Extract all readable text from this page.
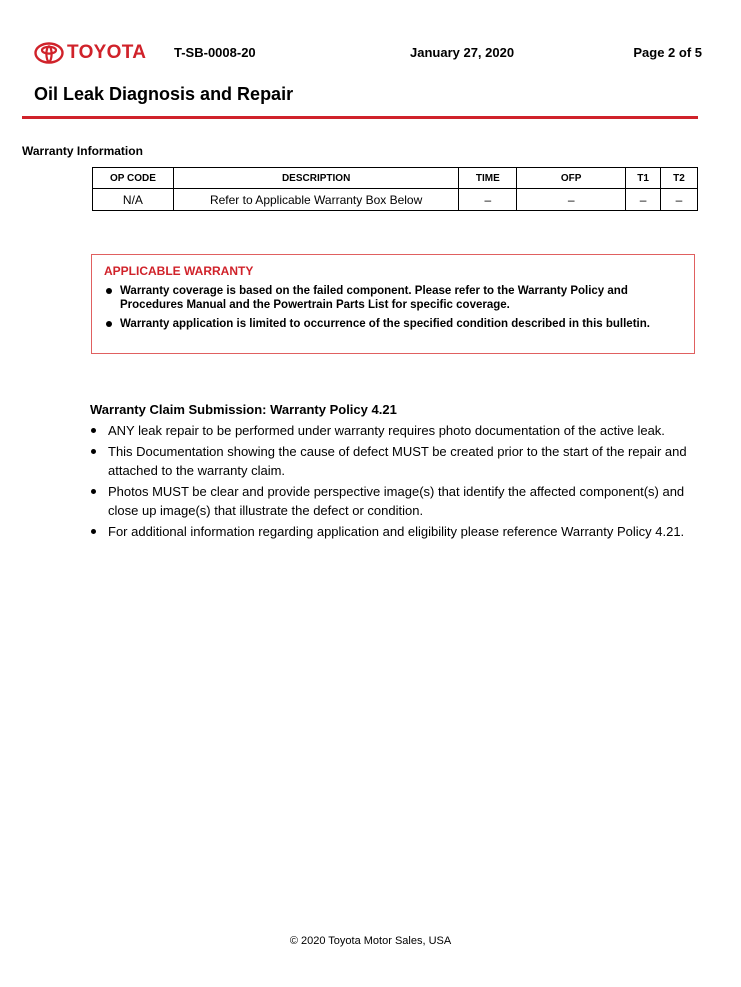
TOYOTA T-SB-0008-20	January 27, 2020	Page 2 of 5
Oil Leak Diagnosis and Repair
Warranty Information
OP CODE	DESCRIPTION	TIME	OFP	T1	T2
N/A	Refer to Applicable Warranty Box Below	–	–	–	–
APPLICABLE WARRANTY
Warranty coverage is based on the failed component. Please refer to the Warranty Policy and Procedures Manual and the Powertrain Parts List for specific coverage.
Warranty application is limited to occurrence of the specified condition described in this bulletin.
Warranty Claim Submission: Warranty Policy 4.21
ANY leak repair to be performed under warranty requires photo documentation of the active leak.
This Documentation showing the cause of defect MUST be created prior to the start of the repair and attached to the warranty claim.
Photos MUST be clear and provide perspective image(s) that identify the affected component(s) and close up image(s) that illustrate the defect or condition.
For additional information regarding application and eligibility please reference Warranty Policy 4.21.
© 2020 Toyota Motor Sales, USA
